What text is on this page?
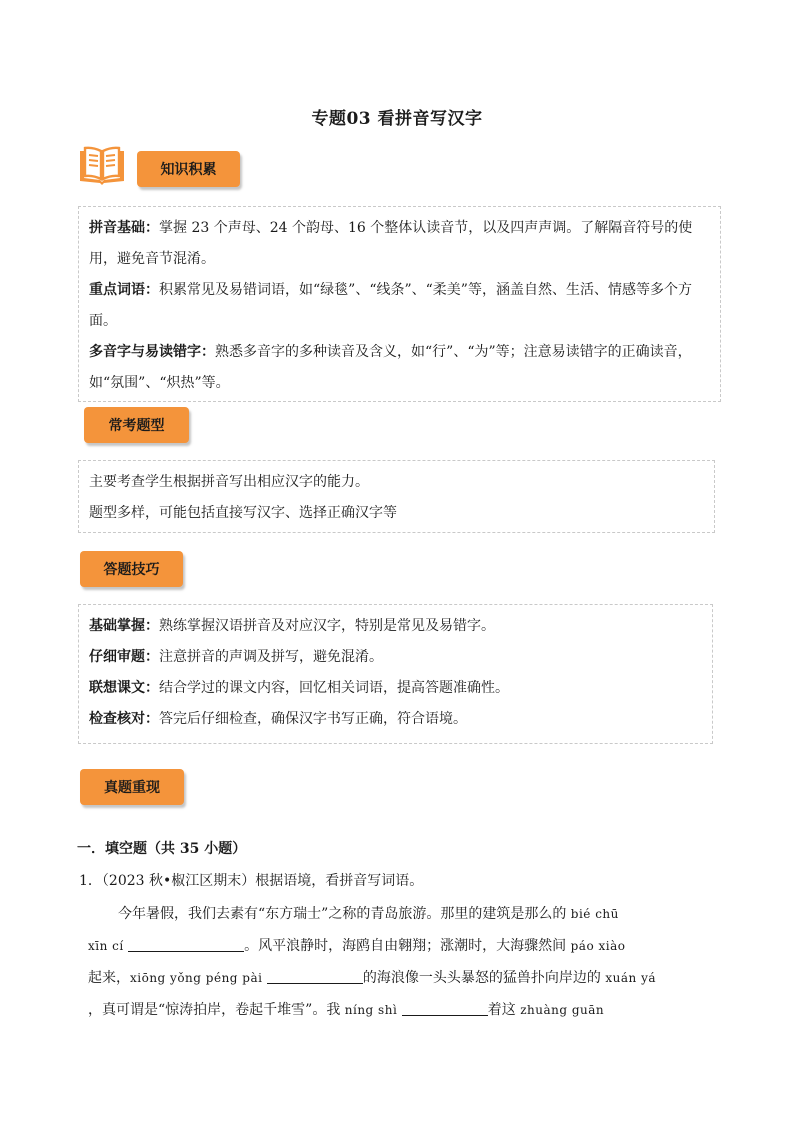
专题03 看拼音写汉字
知识积累

拼音基础：掌握 23 个声母、24 个韵母、16 个整体认读音节，以及四声声调。了解隔音符号的使用，避免音节混淆。

重点词语：积累常见及易错词语，如“绿毯”、“线条”、“柔美”等，涵盖自然、生活、情感等多个方面。

多音字与易读错字：熟悉多音字的多种读音及含义，如“行”、“为”等；注意易读错字的正确读音，如“氛围”、“炽热”等。

常考题型

主要考查学生根据拼音写出相应汉字的能力。

题型多样，可能包括直接写汉字、选择正确汉字等

答题技巧

基础掌握：熟练掌握汉语拼音及对应汉字，特别是常见及易错字。

仔细审题：注意拼音的声调及拼写，避免混淆。

联想课文：结合学过的课文内容，回忆相关词语，提高答题准确性。

检查核对：答完后仔细检查，确保汉字书写正确，符合语境。

真题重现
一．填空题（共 35 小题）
1．（2023 秋•椒江区期末）根据语境，看拼音写词语。
今年暑假，我们去素有“东方瑞士”之称的青岛旅游。那里的建筑是那么的 bié chū
xīn cí	。风平浪静时，海鸥自由翱翔；涨潮时，大海骤然间 páo xiào
起来，xiōng yǒng péng pài	的海浪像一头头暴怒的猛兽扑向岸边的 xuán yá
，真可谓是“惊涛拍岸，卷起千堆雪”。我 níng shì	着这 zhuàng guān
